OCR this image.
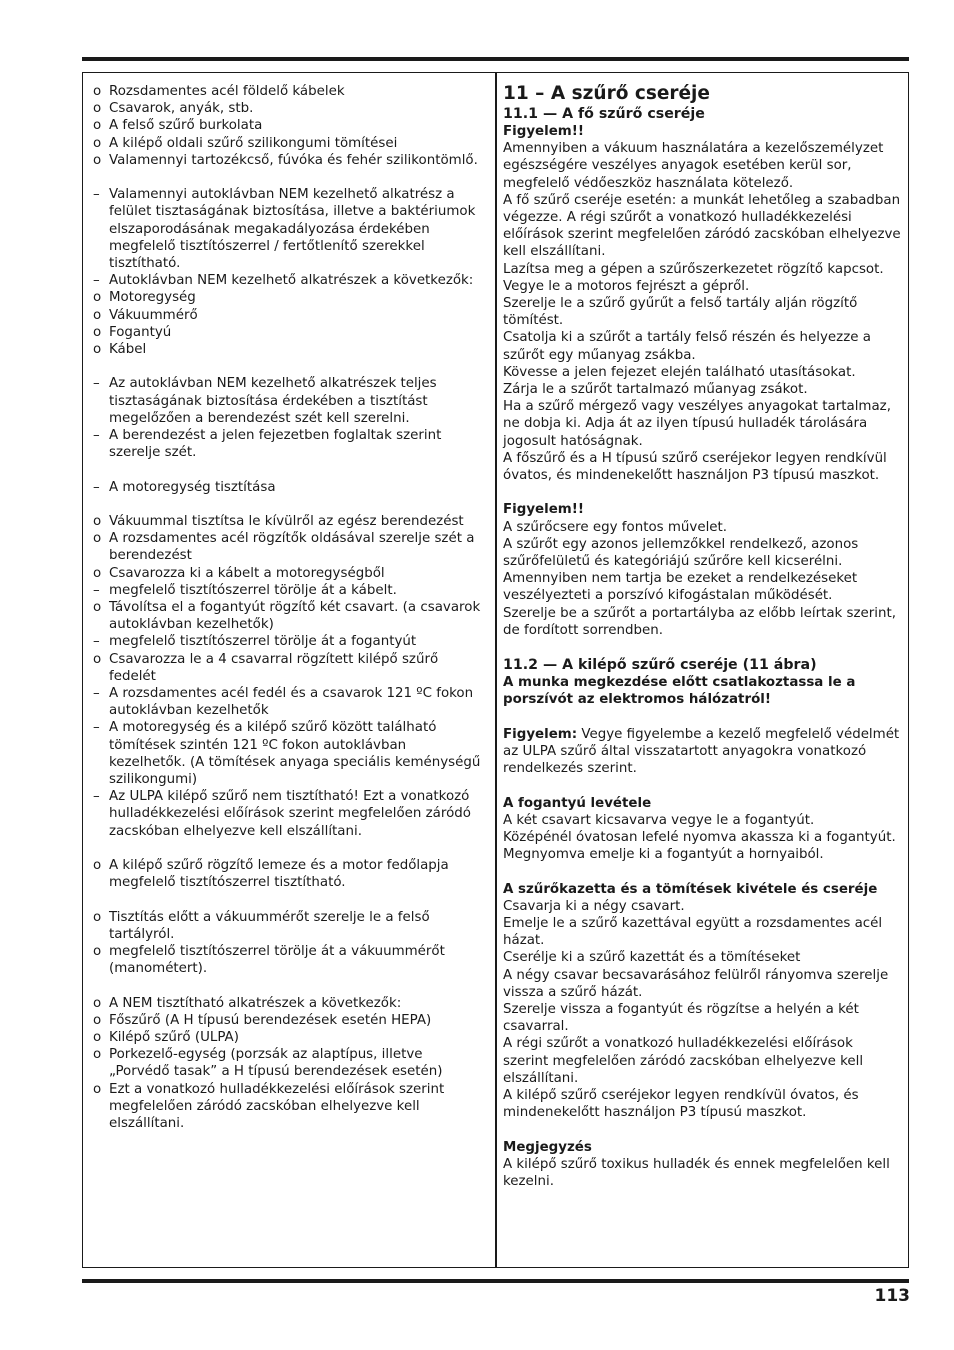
o Rozsdamentes acél földelő kábelek
o Csavarok, anyák, stb.
o A felső szűrő burkolata
o A kilépő oldali szűrő szilikongumi tömítései
o Valamennyi tartozékcső, fúvóka és fehér szilikontömlő.
– Valamennyi autoklávban NEM kezelhető alkatrész a felület tisztaságának biztosítása, illetve a baktériumok elszaporodásának megakadályozása érdekében megfelelő tisztítószerrel / fertőtlenítő szerekkel tisztítható.
– Autoklávban NEM kezelhető alkatrészek a következők:
o Motoregység
o Vákuummérő
o Fogantyú
o Kábel
– Az autoklávban NEM kezelhető alkatrészek teljes tisztaságának biztosítása érdekében a tisztítást megelőzően a berendezést szét kell szerelni.
– A berendezést a jelen fejezetben foglaltak szerint szerelje szét.
– A motoregység tisztítása
o Vákuummal tisztítsa le kívülről az egész berendezést
o A rozsdamentes acél rögzítők oldásával szerelje szét a berendezést
o Csavarozza ki a kábelt a motoregységből
– megfelelő tisztítószerrel törölje át a kábelt.
o Távolítsa el a fogantyút rögzítő két csavart. (a csavarok autoklávban kezelhetők)
– megfelelő tisztítószerrel törölje át a fogantyút
o Csavarozza le a 4 csavarral rögzített kilépő szűrő fedelét
– A rozsdamentes acél fedél és a csavarok 121 ºC fokon autoklávban kezelhetők
– A motoregység és a kilépő szűrő között található tömítések szintén 121 ºC fokon autoklávban kezelhetők. (A tömítések anyaga speciális keménységű szilikongumi)
– Az ULPA kilépő szűrő nem tisztítható! Ezt a vonatkozó hulladékkezelési előírások szerint megfelelően záródó zacskóban elhelyezve kell elszállítani.
o A kilépő szűrő rögzítő lemeze és a motor fedőlapja megfelelő tisztítószerrel tisztítható.
o Tisztítás előtt a vákuummérőt szerelje le a felső tartályról.
o megfelelő tisztítószerrel törölje át a vákuummérőt (manométert).
o A NEM tisztítható alkatrészek a következők:
o Főszűrő (A H típusú berendezések esetén HEPA)
o Kilépő szűrő (ULPA)
o Porkezelő-egység (porzsák az alaptípus, illetve „Porvédő tasak” a H típusú berendezések esetén)
o Ezt a vonatkozó hulladékkezelési előírások szerint megfelelően záródó zacskóban elhelyezve kell elszállítani.

11 – A szűrő cseréje

11.1 — A fő szűrő cseréje

Figyelem!!

Amennyiben a vákuum használatára a kezelőszemélyzet egészségére veszélyes anyagok esetében kerül sor, megfelelő védőeszköz használata kötelező.

A fő szűrő cseréje esetén: a munkát lehetőleg a szabadban végezze. A régi szűrőt a vonatkozó hulladékkezelési előírások szerint megfelelően záródó zacskóban elhelyezve kell elszállítani.

Lazítsa meg a gépen a szűrőszerkezetet rögzítő kapcsot.

Vegye le a motoros fejrészt a gépről.

Szerelje le a szűrő gyűrűt a felső tartály alján rögzítő tömítést.

Csatolja ki a szűrőt a tartály felső részén és helyezze a szűrőt egy műanyag zsákba.

Kövesse a jelen fejezet elején található utasításokat.

Zárja le a szűrőt tartalmazó műanyag zsákot.

Ha a szűrő mérgező vagy veszélyes anyagokat tartalmaz, ne dobja ki. Adja át az ilyen típusú hulladék tárolására jogosult hatóságnak.

A főszűrő és a H típusú szűrő cseréjekor legyen rendkívül óvatos, és mindenekelőtt használjon P3 típusú maszkot.

Figyelem!!

A szűrőcsere egy fontos művelet.

A szűrőt egy azonos jellemzőkkel rendelkező, azonos szűrőfelületű és kategóriájú szűrőre kell kicserélni.

Amennyiben nem tartja be ezeket a rendelkezéseket veszélyezteti a porszívó kifogástalan működését.

Szerelje be a szűrőt a portartályba az előbb leírtak szerint, de fordított sorrendben.

11.2 — A kilépő szűrő cseréje (11 ábra)

A munka megkezdése előtt csatlakoztassa le a porszívót az elektromos hálózatról!

Figyelem: Vegye figyelembe a kezelő megfelelő védelmét az ULPA szűrő által visszatartott anyagokra vonatkozó rendelkezés szerint.

A fogantyú levétele

A két csavart kicsavarva vegye le a fogantyút.

Középénél óvatosan lefelé nyomva akassza ki a fogantyút.

Megnyomva emelje ki a fogantyút a hornyaiból.

A szűrőkazetta és a tömítések kivétele és cseréje

Csavarja ki a négy csavart.

Emelje le a szűrő kazettával együtt a rozsdamentes acél házat.

Cserélje ki a szűrő kazettát és a tömítéseket

A négy csavar becsavarásához felülről rányomva szerelje vissza a szűrő házát.

Szerelje vissza a fogantyút és rögzítse a helyén a két csavarral.

A régi szűrőt a vonatkozó hulladékkezelési előírások szerint megfelelően záródó zacskóban elhelyezve kell elszállítani.

A kilépő szűrő cseréjekor legyen rendkívül óvatos, és mindenekelőtt használjon P3 típusú maszkot.

Megjegyzés

A kilépő szűrő toxikus hulladék és ennek megfelelően kell kezelni.

113
